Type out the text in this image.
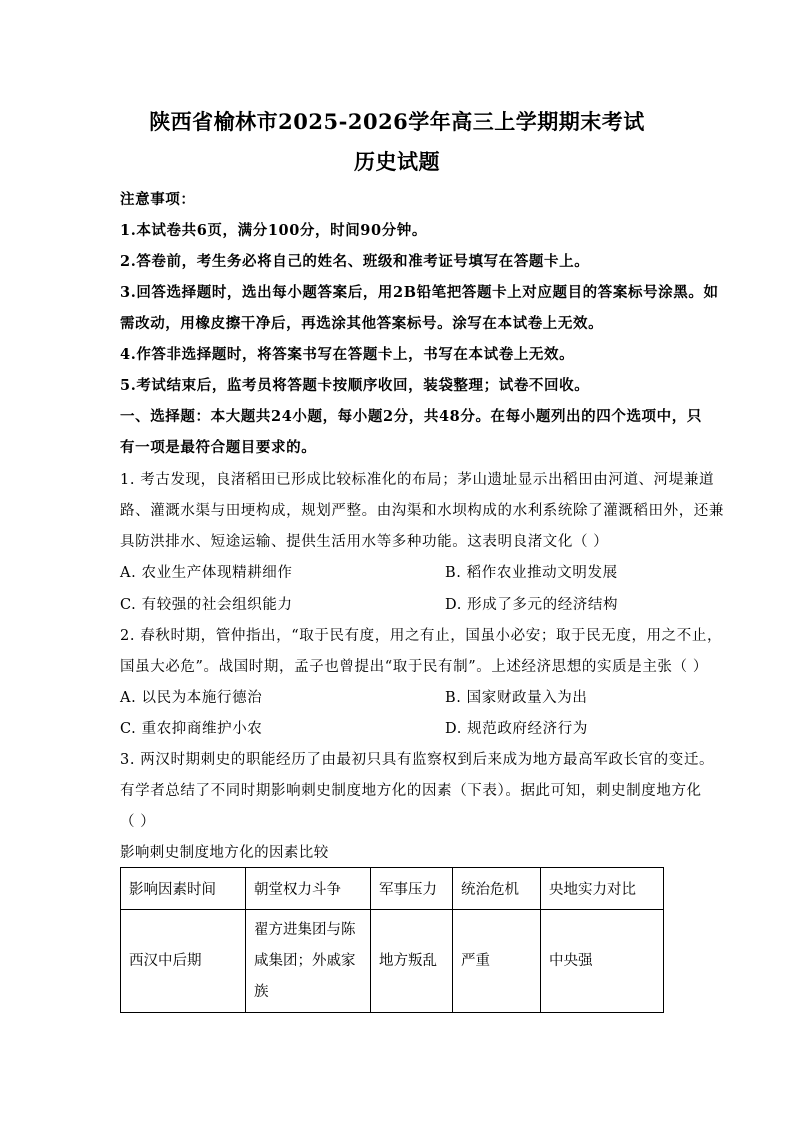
陕西省榆林市2025-2026学年高三上学期期末考试
历史试题
注意事项：
1.本试卷共6页，满分100分，时间90分钟。
2.答卷前，考生务必将自己的姓名、班级和准考证号填写在答题卡上。
3.回答选择题时，选出每小题答案后，用2B铅笔把答题卡上对应题目的答案标号涂黑。如
需改动，用橡皮擦干净后，再选涂其他答案标号。涂写在本试卷上无效。
4.作答非选择题时，将答案书写在答题卡上，书写在本试卷上无效。
5.考试结束后，监考员将答题卡按顺序收回，装袋整理；试卷不回收。
一、选择题：本大题共24小题，每小题2分，共48分。在每小题列出的四个选项中，只
有一项是最符合题目要求的。
1. 考古发现，良渚稻田已形成比较标准化的布局；茅山遗址显示出稻田由河道、河堤兼道
路、灌溉水渠与田埂构成，规划严整。由沟渠和水坝构成的水利系统除了灌溉稻田外，还兼
具防洪排水、短途运输、提供生活用水等多种功能。这表明良渚文化（ ）
A. 农业生产体现精耕细作	B. 稻作农业推动文明发展
C. 有较强的社会组织能力	D. 形成了多元的经济结构
2. 春秋时期，管仲指出，“取于民有度，用之有止，国虽小必安；取于民无度，用之不止，
国虽大必危”。战国时期，孟子也曾提出“取于民有制”。上述经济思想的实质是主张（ ）
A. 以民为本施行德治	B. 国家财政量入为出
C. 重农抑商维护小农	D. 规范政府经济行为
3. 两汉时期刺史的职能经历了由最初只具有监察权到后来成为地方最高军政长官的变迁。
有学者总结了不同时期影响刺史制度地方化的因素（下表）。据此可知，刺史制度地方化
（ ）
影响刺史制度地方化的因素比较
影响因素时间	朝堂权力斗争	军事压力	统治危机	央地实力对比
西汉中后期	翟方进集团与陈咸集团；外戚家族	地方叛乱	严重	中央强
